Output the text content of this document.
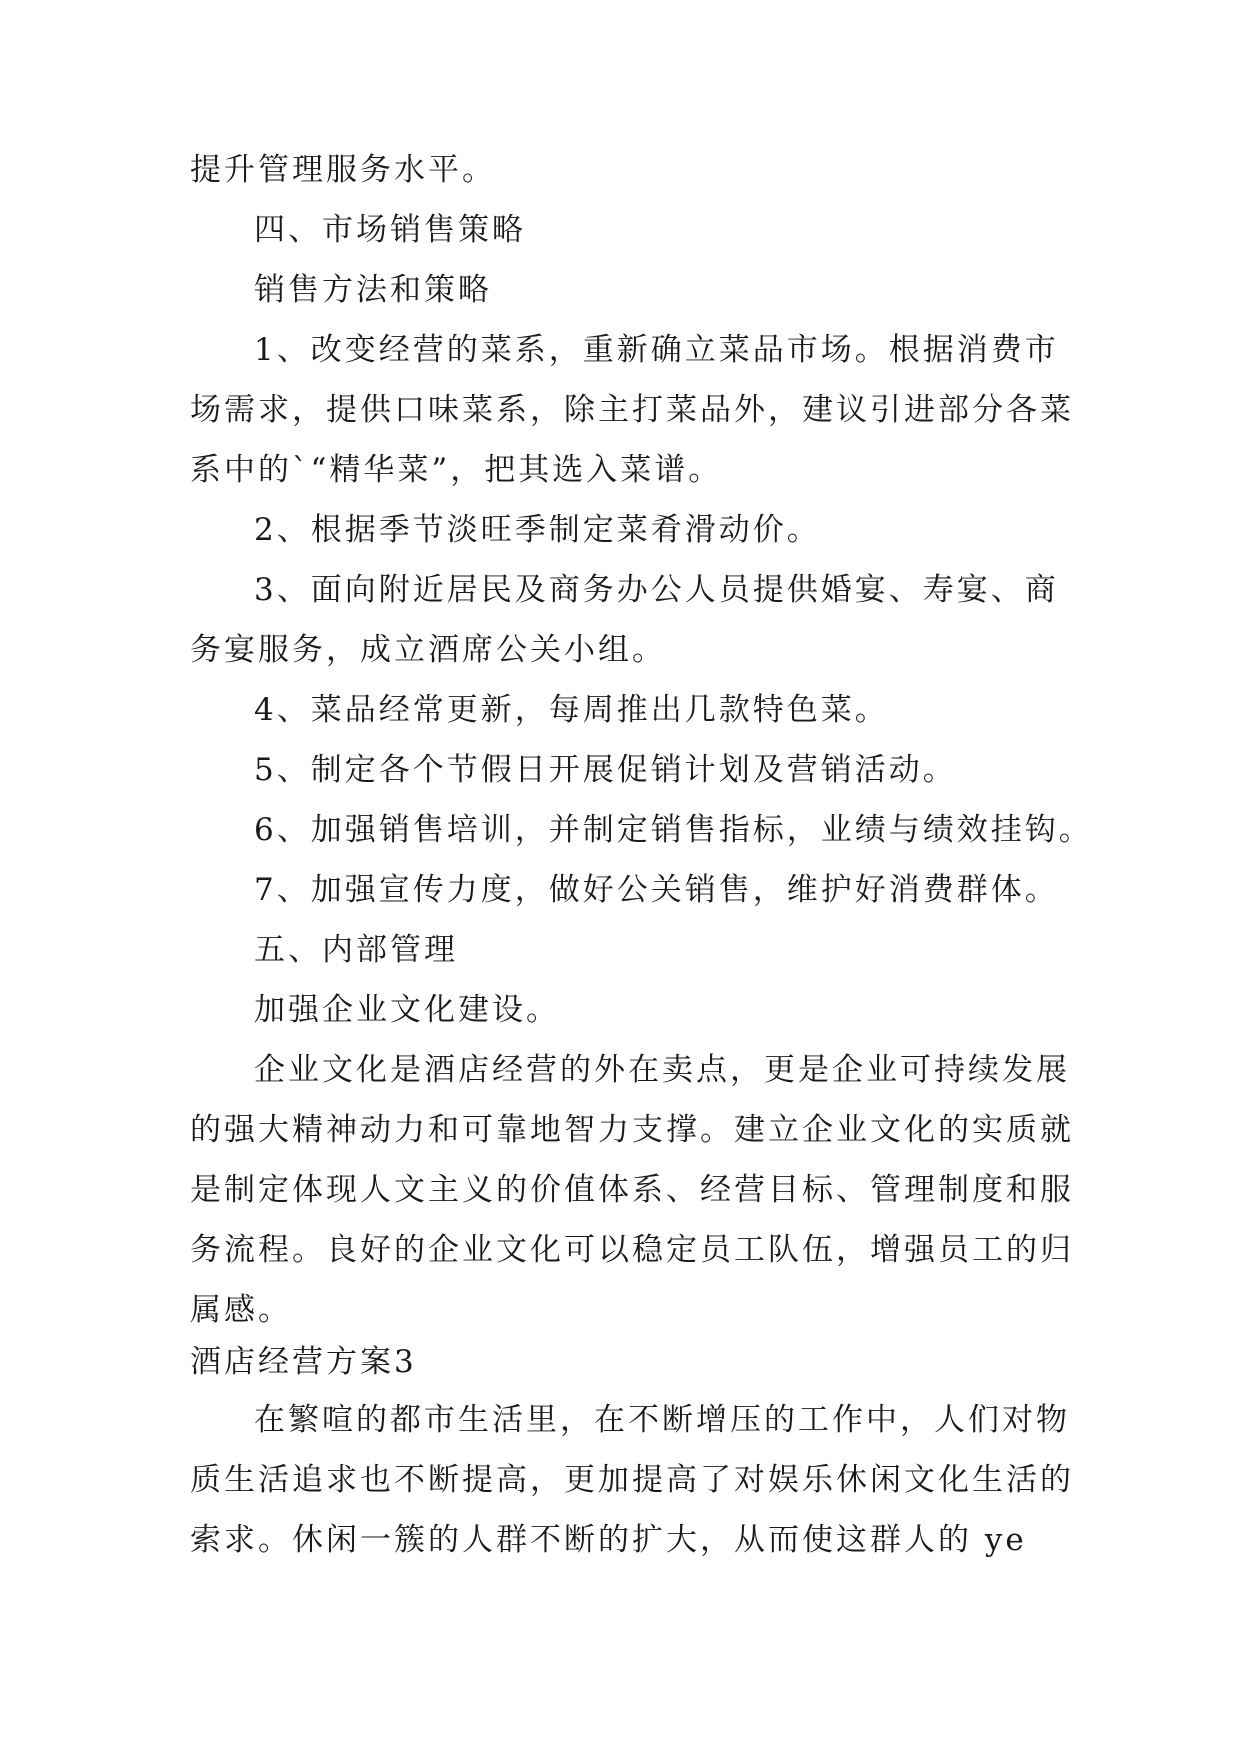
提升管理服务水平。

四、市场销售策略

销售方法和策略

1、改变经营的菜系，重新确立菜品市场。根据消费市

场需求，提供口味菜系，除主打菜品外，建议引进部分各菜

系中的`“精华菜”，把其选入菜谱。

2、根据季节淡旺季制定菜肴滑动价。

3、面向附近居民及商务办公人员提供婚宴、寿宴、商

务宴服务，成立酒席公关小组。

4、菜品经常更新，每周推出几款特色菜。

5、制定各个节假日开展促销计划及营销活动。

6、加强销售培训，并制定销售指标，业绩与绩效挂钩。

7、加强宣传力度，做好公关销售，维护好消费群体。

五、内部管理

加强企业文化建设。

企业文化是酒店经营的外在卖点，更是企业可持续发展

的强大精神动力和可靠地智力支撑。建立企业文化的实质就

是制定体现人文主义的价值体系、经营目标、管理制度和服

务流程。良好的企业文化可以稳定员工队伍，增强员工的归

属感。

酒店经营方案3

在繁喧的都市生活里，在不断增压的工作中，人们对物

质生活追求也不断提高，更加提高了对娱乐休闲文化生活的

索求。休闲一簇的人群不断的扩大，从而使这群人的 ye
